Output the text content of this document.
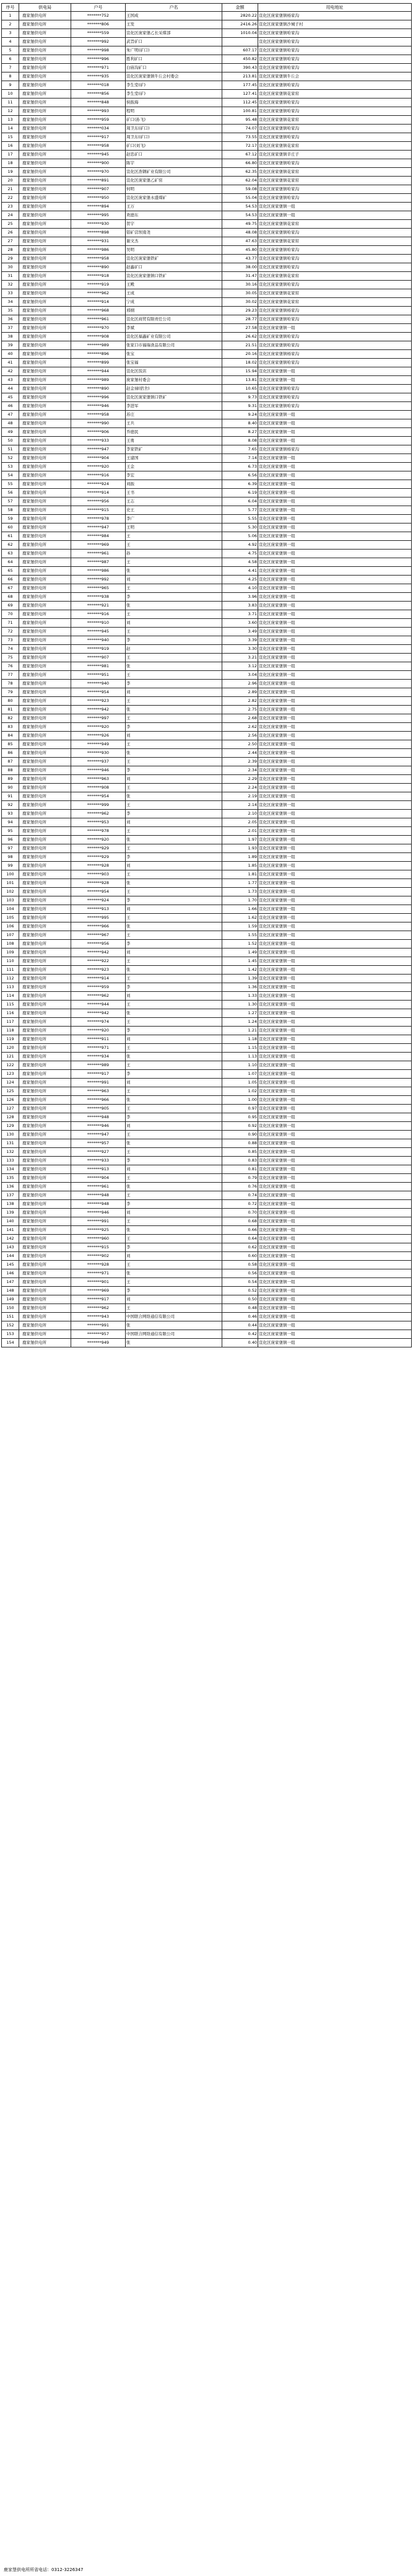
序号	供电局	户号	户名	金额	用电地址
1	鹿家堡供电所	*******752	王国成	2820.22	宣化区庞家堡镇杨家沟
2	鹿家堡供电所	*******806	王发	2416.26	宣化区庞家堡镇沙城子村
3	鹿家堡供电所	*******559	宣化区庞家堡乙长采煤部	1010.04	宣化区庞家堡镇哈家沟
4	鹿家堡供电所	*******992	武旨矿口		宣化区庞家堡镇哈家沟
5	鹿家堡供电所	*******998	朱广明(矿口)	607.17	宣化区庞家堡镇哈家沟
6	鹿家堡供电所	*******996	胜利矿口	450.82	宣化区庞家堡镇哈家沟
7	鹿家堡供电所	*******971	白庙沟矿口	390.43	宣化区庞家堡镇哈家沟
8	鹿家堡供电所	*******935	宣化区庞家堡镇牛丘会村委会	213.81	宣化区庞家堡镇牛丘会
9	鹿家堡供电所	*******018	李生堂(矿)	177.45	宣化区庞家堡镇哈家沟
10	鹿家堡供电所	*******856	李生堂(矿)	127.41	宣化区庞家堡镇花家窑
11	鹿家堡供电所	*******848	侯振海	112.45	宣化区庞家堡镇哈家沟
12	鹿家堡供电所	*******993	程明	100.81	宣化区庞家堡镇哈家沟
13	鹿家堡供电所	*******959	矿口(孙飞)	95.48	宣化区庞家堡镇花家窑
14	鹿家堡供电所	*******034	周卫东(矿口)	74.07	宣化区庞家堡镇哈家沟
15	鹿家堡供电所	*******917	周卫东(矿口)	73.55	宣化区庞家堡镇哈家沟
16	鹿家堡供电所	*******958	矿口(刘飞)	72.17	宣化区庞家堡镇花家窑
17	鹿家堡供电所	*******945	赵忠矿口	67.12	宣化区庞家堡镇辛庄子
18	鹿家堡供电所	*******900	陈宇	66.80	宣化区庞家堡镇哈家沟
19	鹿家堡供电所	*******970	宣化区浩钢矿业有限公司	62.35	宣化区庞家堡镇花家窑
20	鹿家堡供电所	*******891	宣化区庞家堡乙矿窑	62.04	宣化区庞家堡镇花家窑
21	鹿家堡供电所	*******907	何明	59.08	宣化区庞家堡镇哈家沟
22	鹿家堡供电所	*******950	宣化区庞家堡永盛煤矿	55.04	宣化区庞家堡镇哈家沟
23	鹿家堡供电所	*******894	王万	54.53	宣化区庞家堡镇一组
24	鹿家堡供电所	*******995	欢德东	54.53	宣化区庞家堡镇一组
25	鹿家堡供电所	*******930	贺宇	49.75	宣化区庞家堡镇花家窑
26	鹿家堡供电所	*******898	铝矿营坝南尧	48.08	宣化区庞家堡镇哈家沟
27	鹿家堡供电所	*******931	谢文杰	47.63	宣化区庞家堡镇花家窑
28	鹿家堡供电所	*******986	吴明	45.80	宣化区庞家堡镇哈家沟
29	鹿家堡供电所	*******958	宣化区庞家堡铁矿	43.77	宣化区庞家堡镇哈家沟
30	鹿家堡供电所	*******890	赵鑫矿口	38.00	宣化区庞家堡镇哈家沟
31	鹿家堡供电所	*******918	宣化区庞家堡镇口铁矿	31.47	宣化区庞家堡镇花家窑
32	鹿家堡供电所	*******919	王殿	30.16	宣化区庞家堡镇哈家沟
33	鹿家堡供电所	*******962	王成	30.05	宣化区庞家堡镇花家窑
34	鹿家堡供电所	*******914	宁成	30.02	宣化区庞家堡镇花家窑
35	鹿家堡供电所	*******968	邢纲	29.23	宣化区庞家堡镇杨家沟
36	鹿家堡供电所	*******961	宣化区商贸有限责任公司	28.77	宣化区庞家堡镇哈家沟
37	鹿家堡供电所	*******970	李斌	27.58	宣化区庞家堡镇一组
38	鹿家堡供电所	*******908	宣化区福鑫矿业有限公司	26.62	宣化区庞家堡镇哈家沟
39	鹿家堡供电所	*******989	张家口市福瑞食品有限公司	21.51	宣化区庞家堡镇哈家沟
40	鹿家堡供电所	*******896	张宝	20.16	宣化区庞家堡镇杨家沟
41	鹿家堡供电所	*******899	张宝福	18.02	宣化区庞家堡镇哈家沟
42	鹿家堡供电所	*******944	宣化区饭店	15.94	宣化区庞家堡镇一组
43	鹿家堡供电所	*******989	庞家堡村委会	13.81	宣化区庞家堡镇一组
44	鹿家堡供电所	*******890	赵金禄(宿舍)	10.65	宣化区庞家堡镇哈家沟
45	鹿家堡供电所	*******996	宣化区庞家堡镇口铁矿	9.73	宣化区庞家堡镇哈家沟
46	鹿家堡供电所	*******946	李进军	9.31	宣化区庞家堡镇哈家沟
47	鹿家堡供电所	*******958	苏庄	9.24	宣化区庞家堡镇一组
48	鹿家堡供电所	*******990	王兵	8.40	宣化区庞家堡镇一组
49	鹿家堡供电所	*******906	乔德民	8.27	宣化区庞家堡镇一组
50	鹿家堡供电所	*******933	王勇	8.08	宣化区庞家堡镇一组
51	鹿家堡供电所	*******947	李家铁矿	7.65	宣化区庞家堡镇杨家沟
52	鹿家堡供电所	*******904	王建国	7.14	宣化区庞家堡镇一组
53	鹿家堡供电所	*******920	王金	6.73	宣化区庞家堡镇一组
54	鹿家堡供电所	*******916	李宏	6.56	宣化区庞家堡镇一组
55	鹿家堡供电所	*******924	刘振	6.39	宣化区庞家堡镇一组
56	鹿家堡供电所	*******914	王书	6.19	宣化区庞家堡镇一组
57	鹿家堡供电所	*******956	王志	6.04	宣化区庞家堡镇一组
58	鹿家堡供电所	*******915	史王	5.77	宣化区庞家堡镇一组
59	鹿家堡供电所	*******978	李广	5.55	宣化区庞家堡镇一组
60	鹿家堡供电所	*******947	王明	5.30	宣化区庞家堡镇一组
61	鹿家堡供电所	*******984	王	5.06	宣化区庞家堡镇一组
62	鹿家堡供电所	*******969	王	4.92	宣化区庞家堡镇一组
63	鹿家堡供电所	*******961	孙	4.75	宣化区庞家堡镇一组
64	鹿家堡供电所	*******987	王	4.58	宣化区庞家堡镇一组
65	鹿家堡供电所	*******986	张	4.41	宣化区庞家堡镇一组
66	鹿家堡供电所	*******992	刘	4.25	宣化区庞家堡镇一组
67	鹿家堡供电所	*******965	王	4.10	宣化区庞家堡镇一组
68	鹿家堡供电所	*******938	李	3.96	宣化区庞家堡镇一组
69	鹿家堡供电所	*******921	张	3.83	宣化区庞家堡镇一组
70	鹿家堡供电所	*******916	王	3.71	宣化区庞家堡镇一组
71	鹿家堡供电所	*******910	刘	3.60	宣化区庞家堡镇一组
72	鹿家堡供电所	*******945	王	3.49	宣化区庞家堡镇一组
73	鹿家堡供电所	*******940	李	3.39	宣化区庞家堡镇一组
74	鹿家堡供电所	*******919	赵	3.30	宣化区庞家堡镇一组
75	鹿家堡供电所	*******907	王	3.21	宣化区庞家堡镇一组
76	鹿家堡供电所	*******981	张	3.12	宣化区庞家堡镇一组
77	鹿家堡供电所	*******951	王	3.04	宣化区庞家堡镇一组
78	鹿家堡供电所	*******940	李	2.96	宣化区庞家堡镇一组
79	鹿家堡供电所	*******954	刘	2.89	宣化区庞家堡镇一组
80	鹿家堡供电所	*******923	王	2.82	宣化区庞家堡镇一组
81	鹿家堡供电所	*******942	张	2.75	宣化区庞家堡镇一组
82	鹿家堡供电所	*******997	王	2.68	宣化区庞家堡镇一组
83	鹿家堡供电所	*******920	李	2.62	宣化区庞家堡镇一组
84	鹿家堡供电所	*******926	刘	2.56	宣化区庞家堡镇一组
85	鹿家堡供电所	*******949	王	2.50	宣化区庞家堡镇一组
86	鹿家堡供电所	*******930	张	2.44	宣化区庞家堡镇一组
87	鹿家堡供电所	*******937	王	2.39	宣化区庞家堡镇一组
88	鹿家堡供电所	*******946	李	2.34	宣化区庞家堡镇一组
89	鹿家堡供电所	*******963	刘	2.29	宣化区庞家堡镇一组
90	鹿家堡供电所	*******908	王	2.24	宣化区庞家堡镇一组
91	鹿家堡供电所	*******954	张	2.19	宣化区庞家堡镇一组
92	鹿家堡供电所	*******999	王	2.14	宣化区庞家堡镇一组
93	鹿家堡供电所	*******962	李	2.10	宣化区庞家堡镇一组
94	鹿家堡供电所	*******953	刘	2.05	宣化区庞家堡镇一组
95	鹿家堡供电所	*******978	王	2.01	宣化区庞家堡镇一组
96	鹿家堡供电所	*******920	张	1.97	宣化区庞家堡镇一组
97	鹿家堡供电所	*******929	王	1.93	宣化区庞家堡镇一组
98	鹿家堡供电所	*******929	李	1.89	宣化区庞家堡镇一组
99	鹿家堡供电所	*******928	刘	1.85	宣化区庞家堡镇一组
100	鹿家堡供电所	*******903	王	1.81	宣化区庞家堡镇一组
101	鹿家堡供电所	*******928	张	1.77	宣化区庞家堡镇一组
102	鹿家堡供电所	*******954	王	1.73	宣化区庞家堡镇一组
103	鹿家堡供电所	*******924	李	1.70	宣化区庞家堡镇一组
104	鹿家堡供电所	*******913	刘	1.66	宣化区庞家堡镇一组
105	鹿家堡供电所	*******995	王	1.62	宣化区庞家堡镇一组
106	鹿家堡供电所	*******966	张	1.59	宣化区庞家堡镇一组
107	鹿家堡供电所	*******967	王	1.55	宣化区庞家堡镇一组
108	鹿家堡供电所	*******956	李	1.52	宣化区庞家堡镇一组
109	鹿家堡供电所	*******942	刘	1.49	宣化区庞家堡镇一组
110	鹿家堡供电所	*******922	王	1.45	宣化区庞家堡镇一组
111	鹿家堡供电所	*******923	张	1.42	宣化区庞家堡镇一组
112	鹿家堡供电所	*******914	王	1.39	宣化区庞家堡镇一组
113	鹿家堡供电所	*******959	李	1.36	宣化区庞家堡镇一组
114	鹿家堡供电所	*******962	刘	1.33	宣化区庞家堡镇一组
115	鹿家堡供电所	*******944	王	1.30	宣化区庞家堡镇一组
116	鹿家堡供电所	*******942	张	1.27	宣化区庞家堡镇一组
117	鹿家堡供电所	*******974	王	1.24	宣化区庞家堡镇一组
118	鹿家堡供电所	*******920	李	1.21	宣化区庞家堡镇一组
119	鹿家堡供电所	*******911	刘	1.18	宣化区庞家堡镇一组
120	鹿家堡供电所	*******971	王	1.15	宣化区庞家堡镇一组
121	鹿家堡供电所	*******934	张	1.13	宣化区庞家堡镇一组
122	鹿家堡供电所	*******989	王	1.10	宣化区庞家堡镇一组
123	鹿家堡供电所	*******917	李	1.07	宣化区庞家堡镇一组
124	鹿家堡供电所	*******991	刘	1.05	宣化区庞家堡镇一组
125	鹿家堡供电所	*******963	王	1.02	宣化区庞家堡镇一组
126	鹿家堡供电所	*******966	张	1.00	宣化区庞家堡镇一组
127	鹿家堡供电所	*******905	王	0.97	宣化区庞家堡镇一组
128	鹿家堡供电所	*******948	李	0.95	宣化区庞家堡镇一组
129	鹿家堡供电所	*******946	刘	0.92	宣化区庞家堡镇一组
130	鹿家堡供电所	*******947	王	0.90	宣化区庞家堡镇一组
131	鹿家堡供电所	*******957	张	0.88	宣化区庞家堡镇一组
132	鹿家堡供电所	*******927	王	0.85	宣化区庞家堡镇一组
133	鹿家堡供电所	*******933	李	0.83	宣化区庞家堡镇一组
134	鹿家堡供电所	*******913	刘	0.81	宣化区庞家堡镇一组
135	鹿家堡供电所	*******904	王	0.79	宣化区庞家堡镇一组
136	鹿家堡供电所	*******961	张	0.76	宣化区庞家堡镇一组
137	鹿家堡供电所	*******948	王	0.74	宣化区庞家堡镇一组
138	鹿家堡供电所	*******948	李	0.72	宣化区庞家堡镇一组
139	鹿家堡供电所	*******946	刘	0.70	宣化区庞家堡镇一组
140	鹿家堡供电所	*******991	王	0.68	宣化区庞家堡镇一组
141	鹿家堡供电所	*******925	张	0.66	宣化区庞家堡镇一组
142	鹿家堡供电所	*******960	王	0.64	宣化区庞家堡镇一组
143	鹿家堡供电所	*******915	李	0.62	宣化区庞家堡镇一组
144	鹿家堡供电所	*******902	刘	0.60	宣化区庞家堡镇一组
145	鹿家堡供电所	*******928	王	0.58	宣化区庞家堡镇一组
146	鹿家堡供电所	*******971	张	0.56	宣化区庞家堡镇一组
147	鹿家堡供电所	*******901	王	0.54	宣化区庞家堡镇一组
148	鹿家堡供电所	*******969	李	0.52	宣化区庞家堡镇一组
149	鹿家堡供电所	*******917	刘	0.50	宣化区庞家堡镇一组
150	鹿家堡供电所	*******962	王	0.48	宣化区庞家堡镇一组
151	鹿家堡供电所	*******943	中国联合网络通信有限公司	0.46	宣化区庞家堡镇一组
152	鹿家堡供电所	*******991	张	0.44	宣化区庞家堡镇一组
153	鹿家堡供电所	*******957	中国联合网络通信有限公司	0.42	宣化区庞家堡镇一组
154	鹿家堡供电所	*******949	张	0.40	宣化区庞家堡镇一组
鹿家堡供电所所省电话：0312-3226347
